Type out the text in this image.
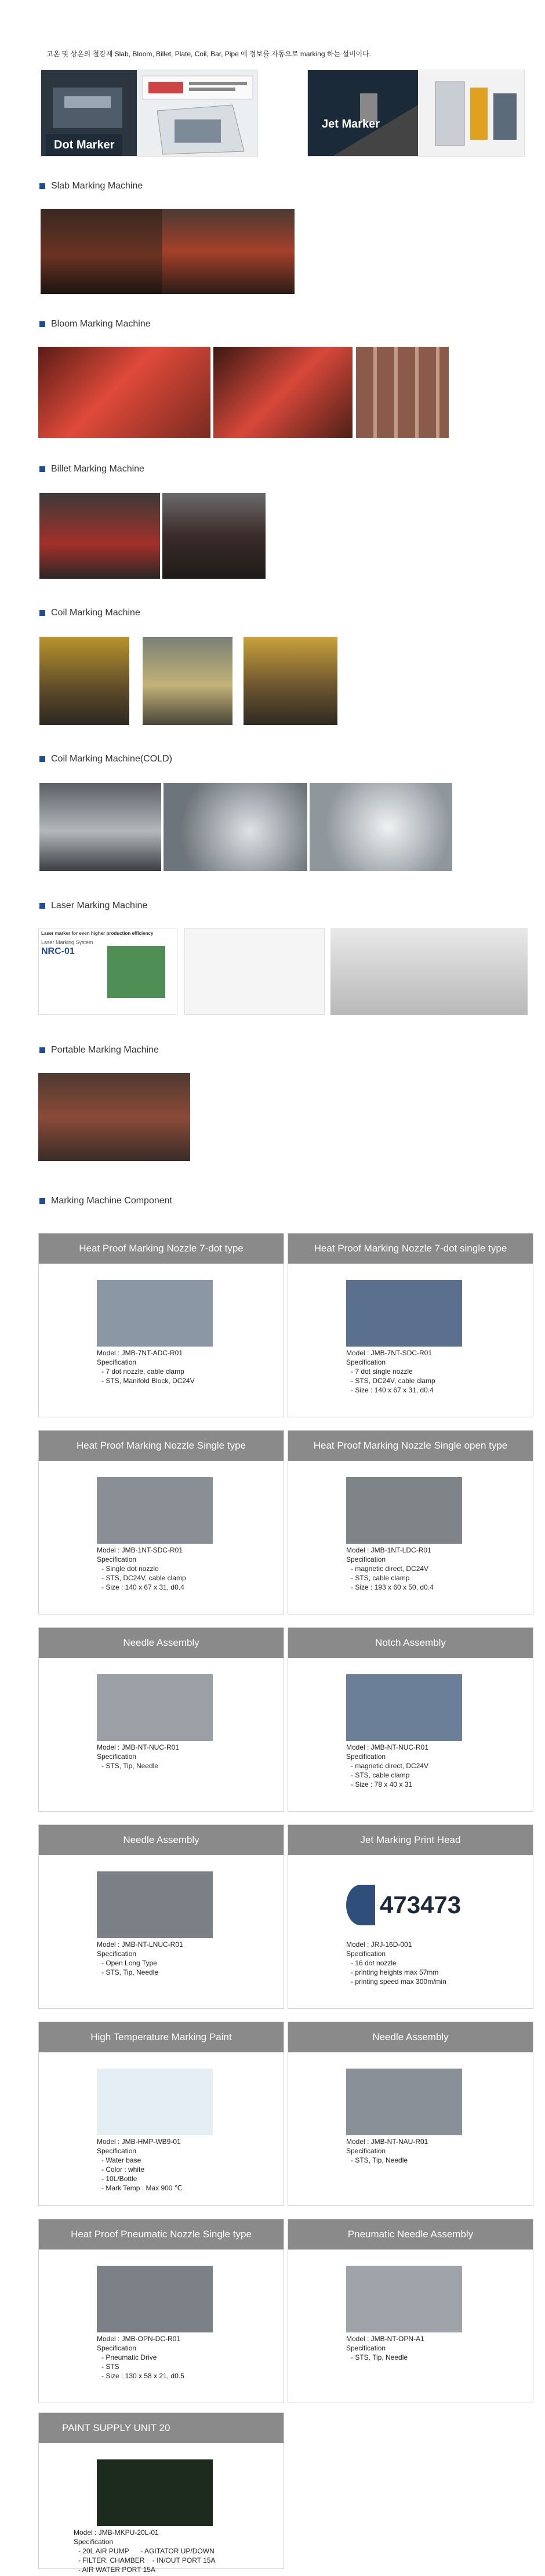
고온 및 상온의 철강재 Slab, Bloom, Billet, Plate, Coil, Bar, Pipe 에 정보를 자동으로 marking 하는 설비이다.
Dot Marker
Jet Marker
Slab Marking Machine
Bloom Marking Machine
Billet Marking Machine
Coil Marking Machine
Coil Marking Machine(COLD)
Laser Marking Machine
Laser marker for even higher production efficiency
Laser Marking System
NRC-01
Portable Marking Machine
Marking Machine Component
Heat Proof Marking Nozzle 7-dot type
Model : JMB-7NT-ADC-R01
Specification
- 7 dot nozzle, cable clamp
- STS, Manifold Block, DC24V
Heat Proof Marking Nozzle 7-dot single type
Model : JMB-7NT-SDC-R01
Specification
- 7 dot single nozzle
- STS, DC24V, cable clamp
- Size : 140 x 67 x 31, d0.4
Heat Proof Marking Nozzle Single type
Model : JMB-1NT-SDC-R01
Specification
- Single dot nozzle
- STS, DC24V, cable clamp
- Size : 140 x 67 x 31, d0.4
Heat Proof Marking Nozzle Single open type
Model : JMB-1NT-LDC-R01
Specification
- magnetic direct, DC24V
- STS, cable clamp
- Size : 193 x 60 x 50, d0.4
Needle Assembly
Model : JMB-NT-NUC-R01
Specification
- STS, Tip, Needle
Notch Assembly
Model : JMB-NT-NUC-R01
Specification
- magnetic direct, DC24V
- STS, cable clamp
- Size : 78 x 40 x 31
Needle Assembly
Model : JMB-NT-LNUC-R01
Specification
- Open Long Type
- STS, Tip, Needle
Jet Marking Print Head
473473
Model : JRJ-16D-001
Specification
- 16 dot nozzle
- printing heights max 57mm
- printing speed max 300m/min
High Temperature Marking Paint
Model : JMB-HMP-WB9-01
Specification
- Water base
- Color : white
- 10L/Bottle
- Mark Temp : Max 900 ℃
Needle Assembly
Model : JMB-NT-NAU-R01
Specification
- STS, Tip, Needle
Heat Proof Pneumatic Nozzle Single type
Model : JMB-OPN-DC-R01
Specification
- Pneumatic Drive
- STS
- Size : 130 x 58 x 21, d0.5
Pneumatic Needle Assembly
Model : JMB-NT-OPN-A1
Specification
- STS, Tip, Needle
PAINT SUPPLY UNIT 20
Model : JMB-MKPU-20L-01
Specification
- 20L AIR PUMP      - AGITATOR UP/DOWN
- FILTER, CHAMBER    - IN/OUT PORT 15A
- AIR WATER PORT 15A
